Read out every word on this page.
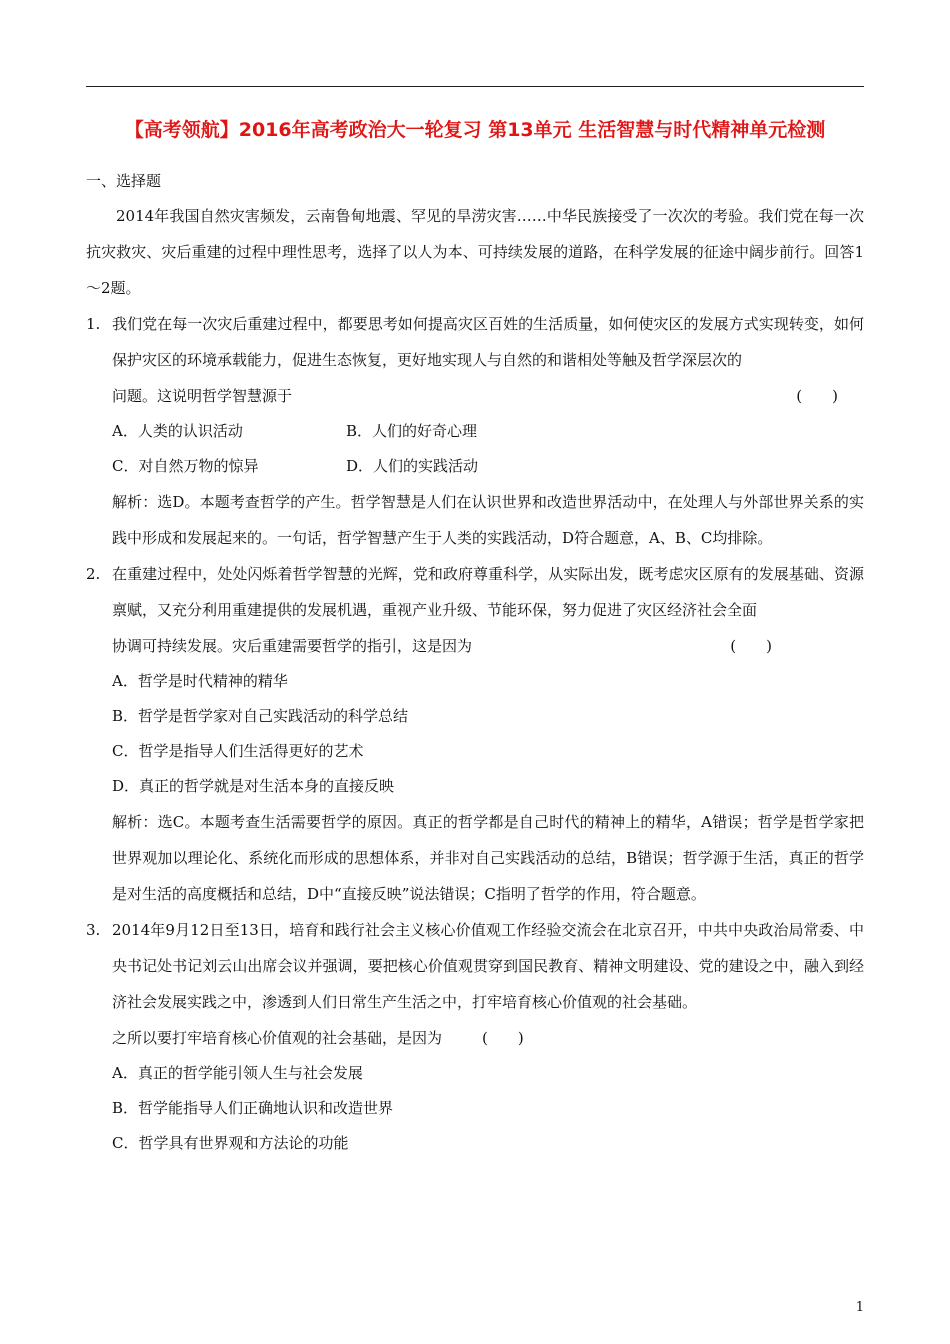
【高考领航】2016年高考政治大一轮复习 第13单元 生活智慧与时代精神单元检测
一、选择题

2014年我国自然灾害频发，云南鲁甸地震、罕见的旱涝灾害……中华民族接受了一次次的考验。我们党在每一次抗灾救灾、灾后重建的过程中理性思考，选择了以人为本、可持续发展的道路，在科学发展的征途中阔步前行。回答1～2题。

1. 我们党在每一次灾后重建过程中，都要思考如何提高灾区百姓的生活质量，如何使灾区的发展方式实现转变，如何保护灾区的环境承载能力，促进生态恢复，更好地实现人与自然的和谐相处等触及哲学深层次的

问题。这说明哲学智慧源于	(　　)
A．人类的认识活动	B．人们的好奇心理
C．对自然万物的惊异	D．人们的实践活动

解析：选D。本题考查哲学的产生。哲学智慧是人们在认识世界和改造世界活动中，在处理人与外部世界关系的实践中形成和发展起来的。一句话，哲学智慧产生于人类的实践活动，D符合题意，A、B、C均排除。

2. 在重建过程中，处处闪烁着哲学智慧的光辉，党和政府尊重科学，从实际出发，既考虑灾区原有的发展基础、资源禀赋，又充分利用重建提供的发展机遇，重视产业升级、节能环保，努力促进了灾区经济社会全面

协调可持续发展。灾后重建需要哲学的指引，这是因为	(　　)
A．哲学是时代精神的精华
B．哲学是哲学家对自己实践活动的科学总结
C．哲学是指导人们生活得更好的艺术
D．真正的哲学就是对生活本身的直接反映

解析：选C。本题考查生活需要哲学的原因。真正的哲学都是自己时代的精神上的精华，A错误；哲学是哲学家把世界观加以理论化、系统化而形成的思想体系，并非对自己实践活动的总结，B错误；哲学源于生活，真正的哲学是对生活的高度概括和总结，D中“直接反映”说法错误；C指明了哲学的作用，符合题意。

3. 2014年9月12日至13日，培育和践行社会主义核心价值观工作经验交流会在北京召开，中共中央政治局常委、中央书记处书记刘云山出席会议并强调，要把核心价值观贯穿到国民教育、精神文明建设、党的建设之中，融入到经济社会发展实践之中，渗透到人们日常生产生活之中，打牢培育核心价值观的社会基础。

之所以要打牢培育核心价值观的社会基础，是因为	(　　)
A．真正的哲学能引领人生与社会发展
B．哲学能指导人们正确地认识和改造世界
C．哲学具有世界观和方法论的功能
1
